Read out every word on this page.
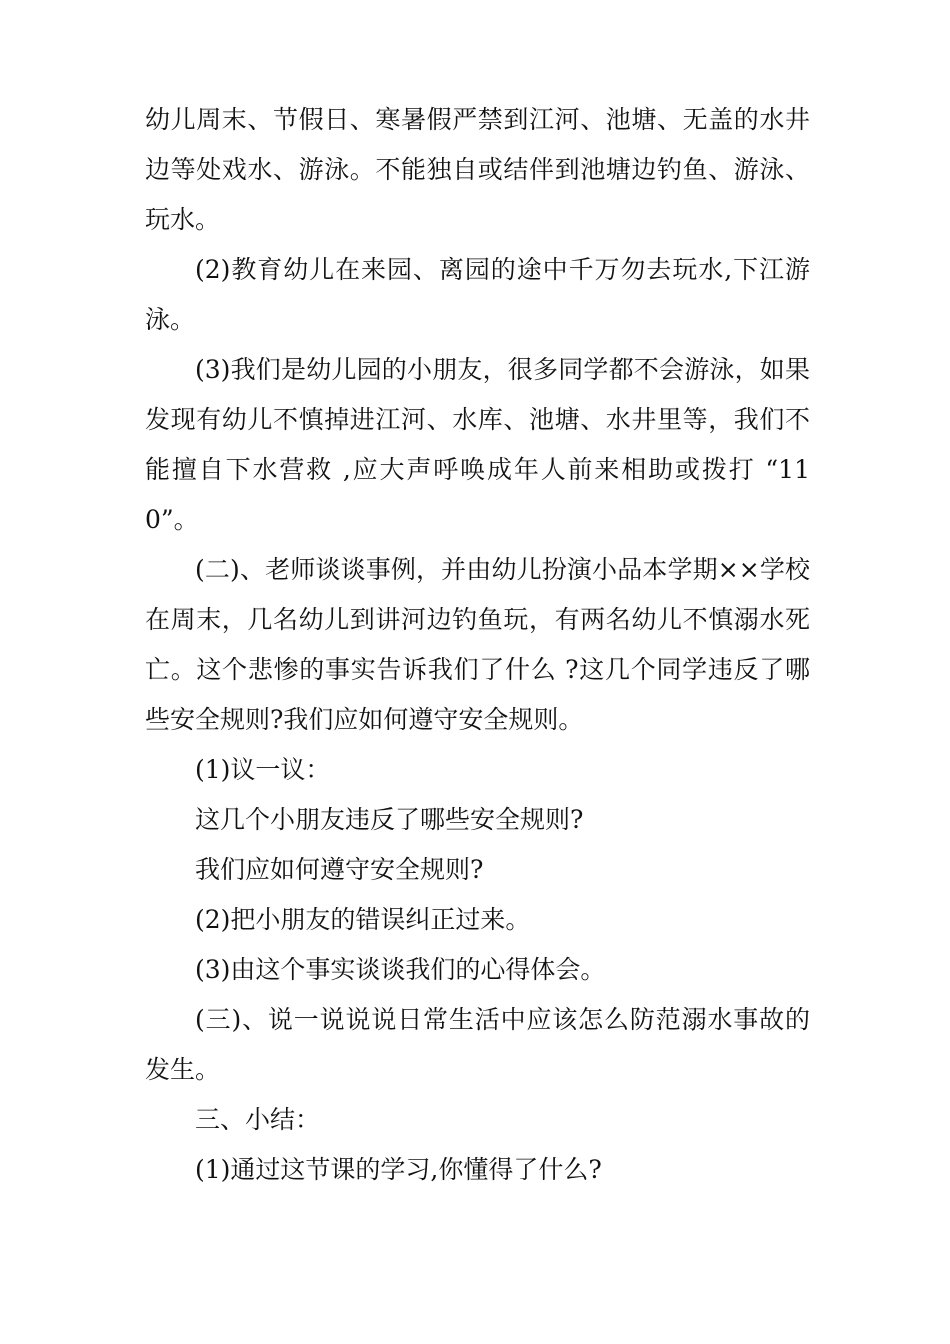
幼儿周末、节假日、寒暑假严禁到江河、池塘、无盖的水井边等处戏水、游泳。不能独自或结伴到池塘边钓鱼、游泳、玩水。

(2)教育幼儿在来园、离园的途中千万勿去玩水,下江游泳。

(3)我们是幼儿园的小朋友，很多同学都不会游泳，如果发现有幼儿不慎掉进江河、水库、池塘、水井里等，我们不能擅自下水营救 ,应大声呼唤成年人前来相助或拨打 “110”。

(二)、老师谈谈事例，并由幼儿扮演小品本学期××学校在周末，几名幼儿到讲河边钓鱼玩，有两名幼儿不慎溺水死亡。这个悲惨的事实告诉我们了什么 ?这几个同学违反了哪些安全规则?我们应如何遵守安全规则。

(1)议一议：

这几个小朋友违反了哪些安全规则?

我们应如何遵守安全规则?

(2)把小朋友的错误纠正过来。

(3)由这个事实谈谈我们的心得体会。

(三)、说一说说说日常生活中应该怎么防范溺水事故的发生。

三、小结：

(1)通过这节课的学习,你懂得了什么?
